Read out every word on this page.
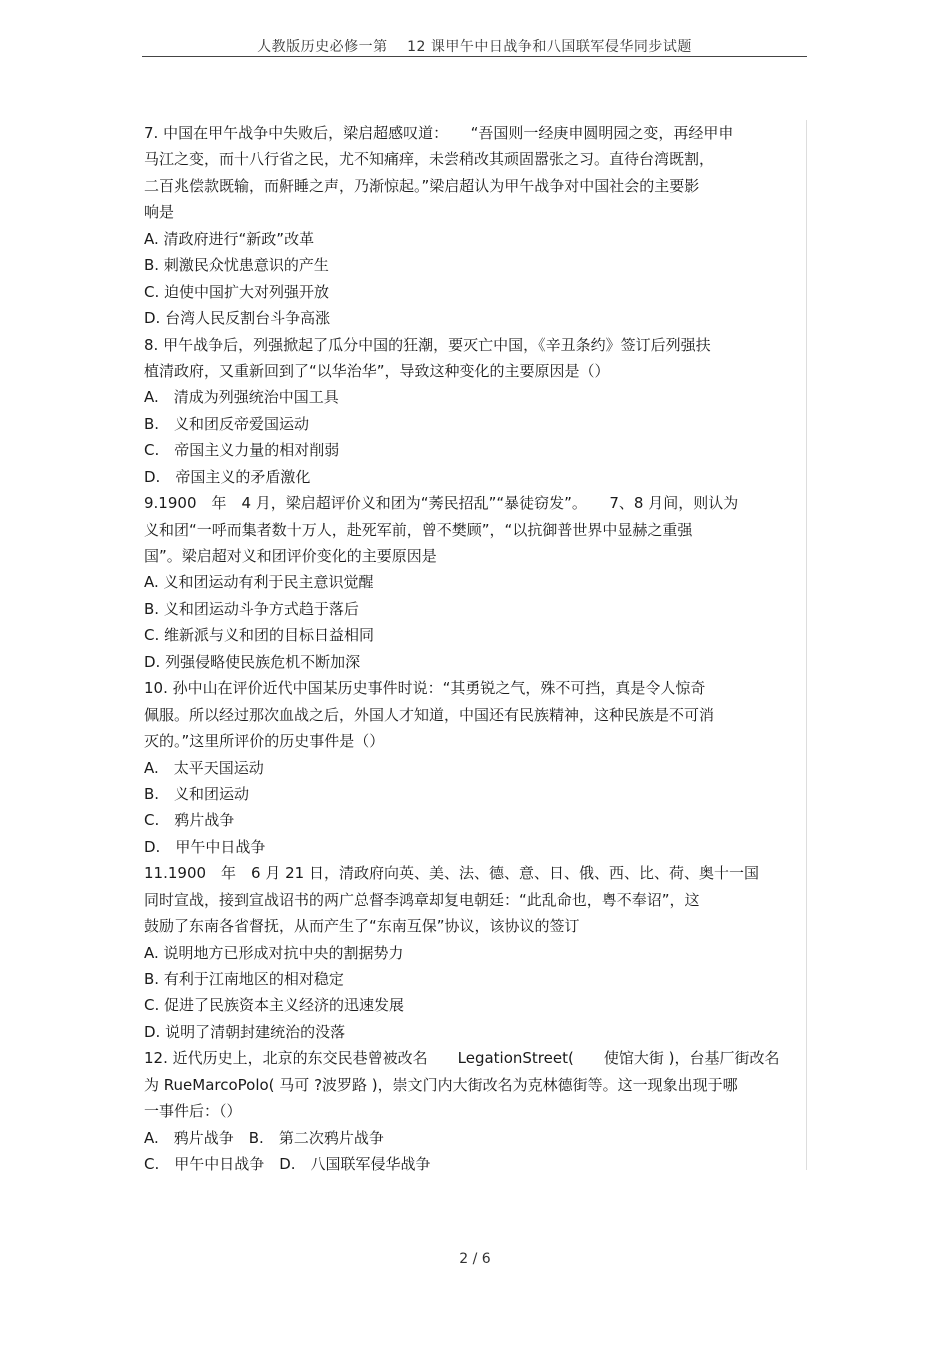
人教版历史必修一第　 12 课甲午中日战争和八国联军侵华同步试题
7. 中国在甲午战争中失败后，梁启超感叹道：　　“吾国则一经庚申圆明园之变，再经甲申
马江之变，而十八行省之民，尤不知痛痒，未尝稍改其顽固嚣张之习。直待台湾既割，
二百兆偿款既输，而鼾睡之声，乃渐惊起。”梁启超认为甲午战争对中国社会的主要影
响是
A. 清政府进行“新政”改革
B. 刺激民众忧患意识的产生
C. 迫使中国扩大对列强开放
D. 台湾人民反割台斗争高涨
8. 甲午战争后，列强掀起了瓜分中国的狂潮，要灭亡中国，《辛丑条约》签订后列强扶
植清政府，又重新回到了“以华治华”，导致这种变化的主要原因是（）
A.　清成为列强统治中国工具
B.　义和团反帝爱国运动
C.　帝国主义力量的相对削弱
D.　帝国主义的矛盾激化
9.1900　年　4 月，梁启超评价义和团为“莠民招乱”“暴徒窃发”。　　7、8 月间，则认为
义和团“一呼而集者数十万人，赴死军前，曾不樊顾”，“以抗御普世界中显赫之重强
国”。梁启超对义和团评价变化的主要原因是
A. 义和团运动有利于民主意识觉醒
B. 义和团运动斗争方式趋于落后
C. 维新派与义和团的目标日益相同
D. 列强侵略使民族危机不断加深
10. 孙中山在评价近代中国某历史事件时说：“其勇锐之气，殊不可挡，真是令人惊奇
佩服。所以经过那次血战之后，外国人才知道，中国还有民族精神，这种民族是不可消
灭的。”这里所评价的历史事件是（）
A.　太平天国运动
B.　义和团运动
C.　鸦片战争
D.　甲午中日战争
11.1900　年　6 月 21 日，清政府向英、美、法、德、意、日、俄、西、比、荷、奥十一国
同时宣战，接到宣战诏书的两广总督李鸿章却复电朝廷：“此乱命也，粤不奉诏”，这
鼓励了东南各省督抚，从而产生了“东南互保”协议，该协议的签订
A. 说明地方已形成对抗中央的割据势力
B. 有利于江南地区的相对稳定
C. 促进了民族资本主义经济的迅速发展
D. 说明了清朝封建统治的没落
12. 近代历史上，北京的东交民巷曾被改名　　LegationStreet(　　使馆大街 )，台基厂街改名
为 RueMarcoPolo( 马可 ?波罗路 )，崇文门内大街改名为克林德街等。这一现象出现于哪
一事件后：（）
A.　鸦片战争　B.　第二次鸦片战争
C.　甲午中日战争　D.　八国联军侵华战争
2 / 6
